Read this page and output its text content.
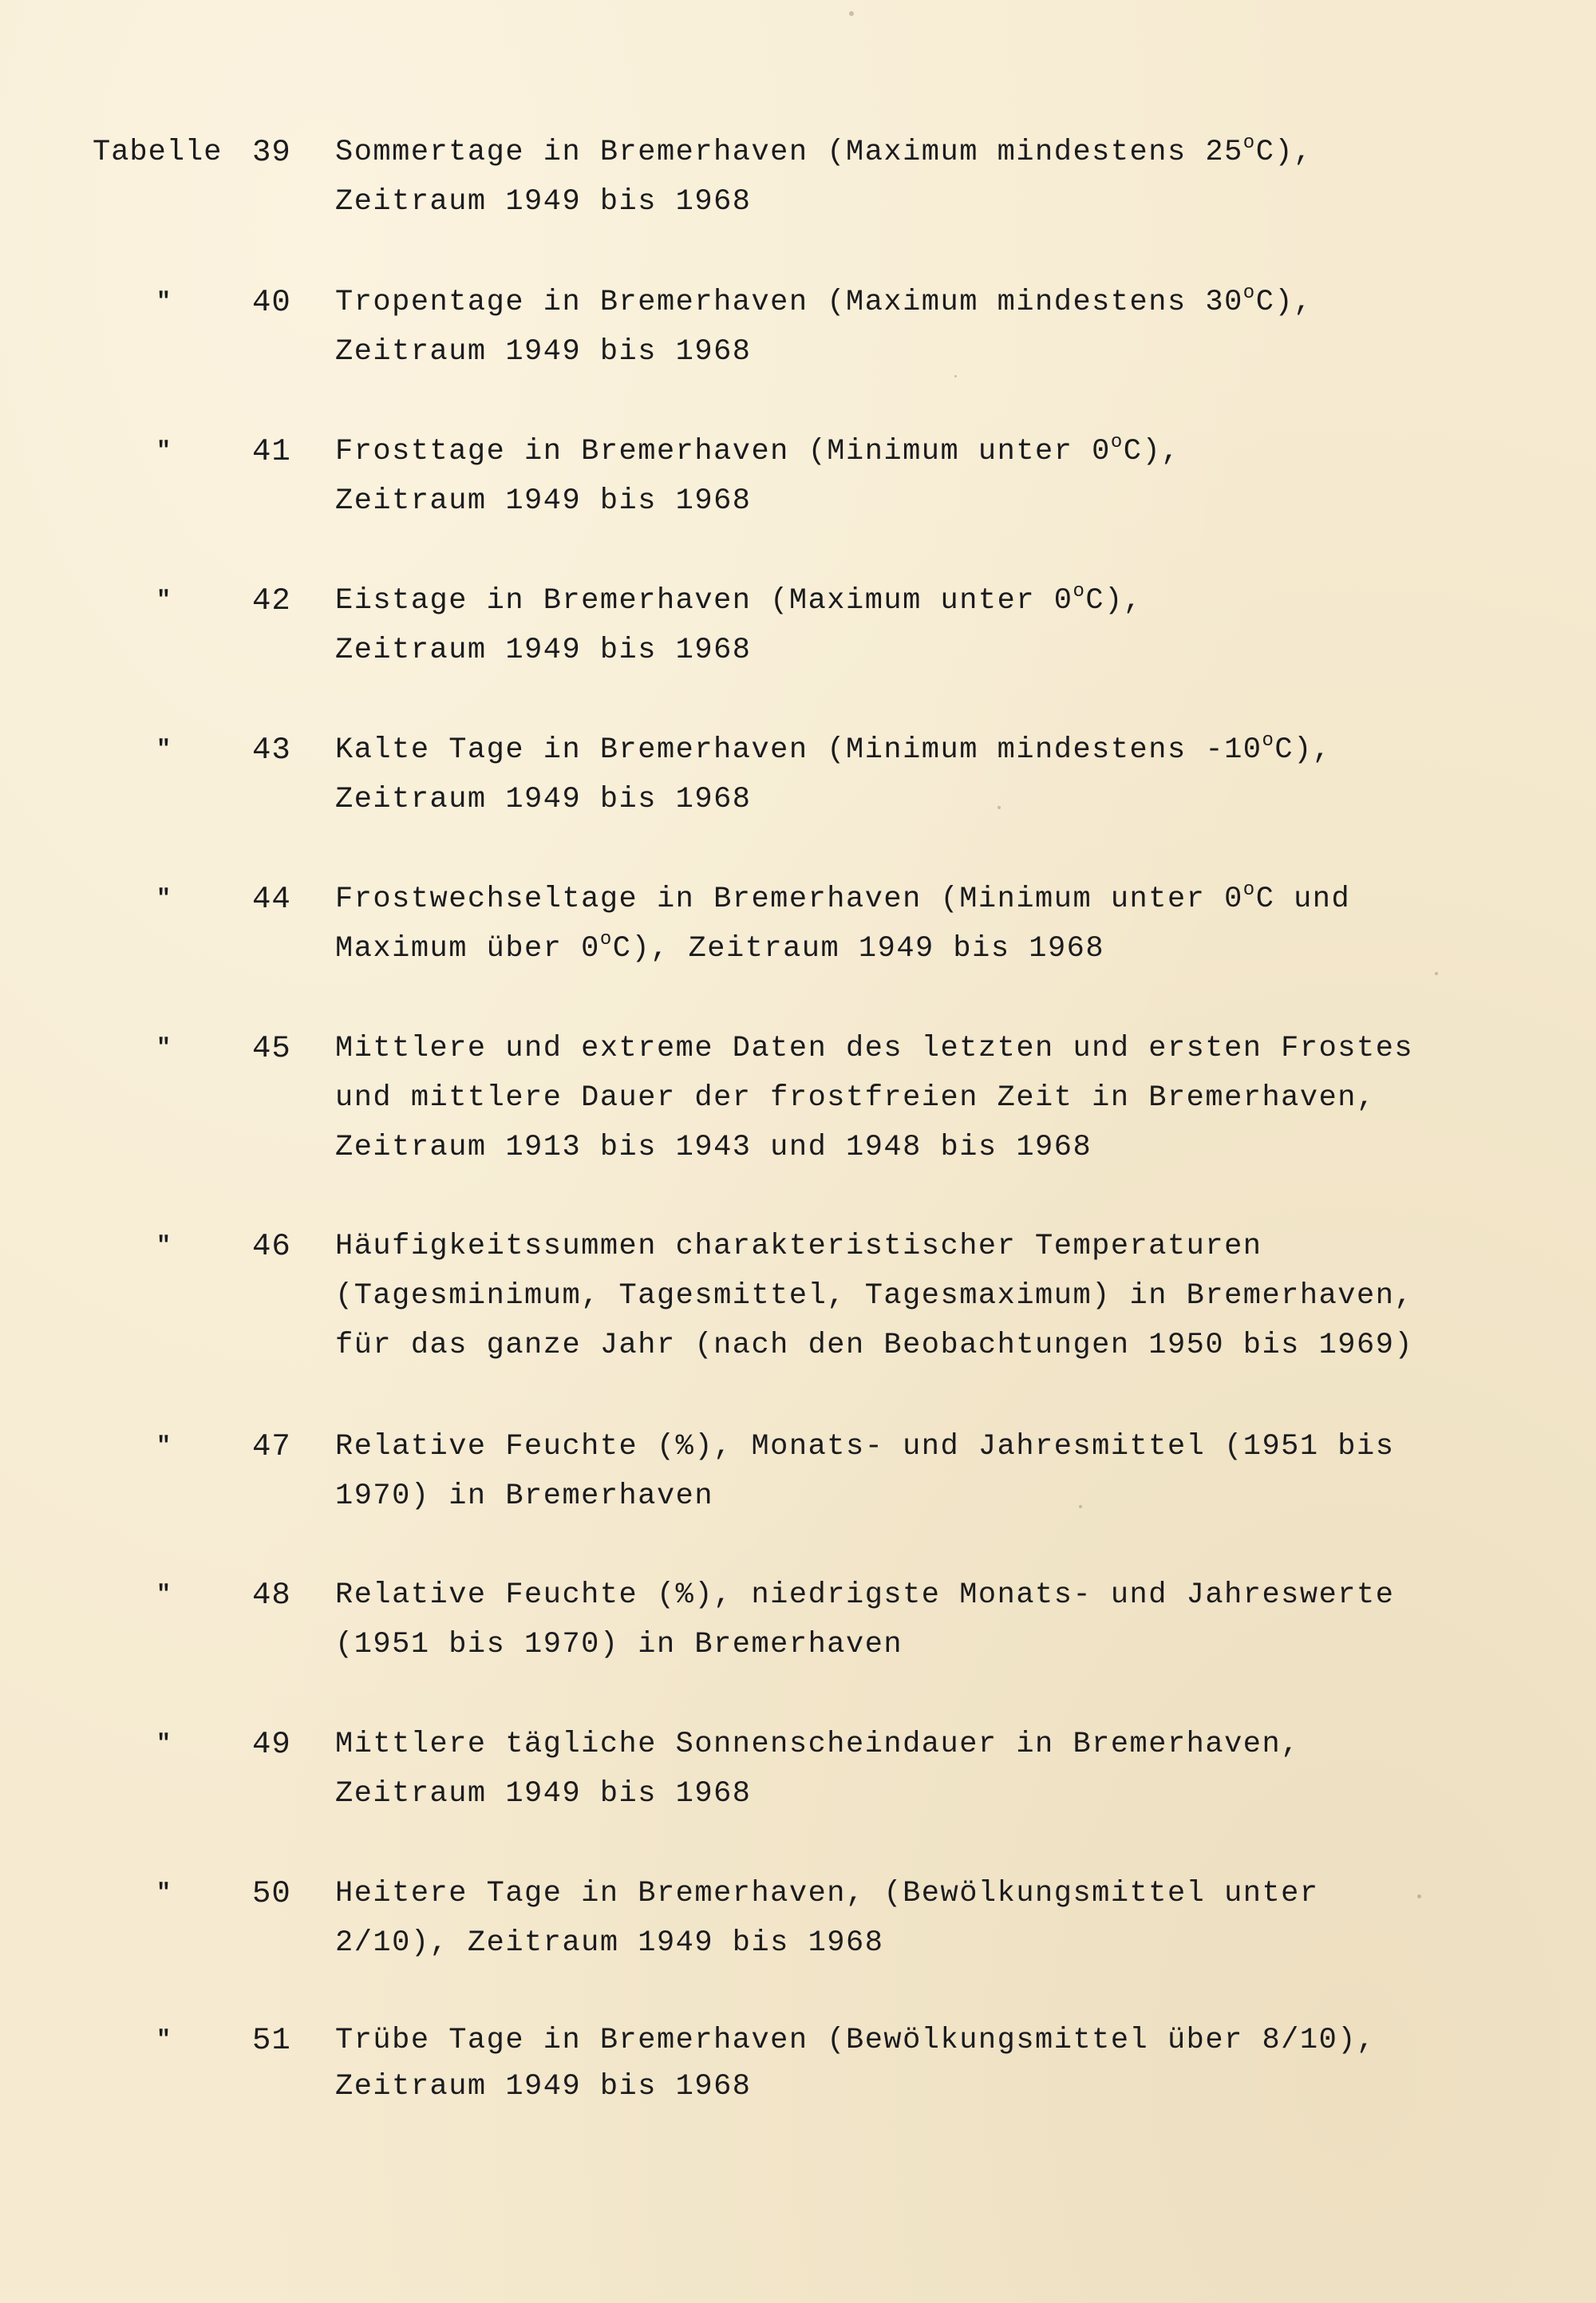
Tabelle 39 Sommertage in Bremerhaven (Maximum mindestens 25$^o$C),
Zeitraum 1949 bis 1968
"	40 Tropentage in Bremerhaven (Maximum mindestens 30$^o$C),
Zeitraum 1949 bis 1968
"	41 Frosttage in Bremerhaven (Minimum unter 0$^o$C),
Zeitraum 1949 bis 1968
"	42 Eistage in Bremerhaven (Maximum unter 0$^o$C),
Zeitraum 1949 bis 1968
"	43 Kalte Tage in Bremerhaven (Minimum mindestens -10$^o$C),
Zeitraum 1949 bis 1968
"	44 Frostwechseltage in Bremerhaven (Minimum unter 0$^o$C und
Maximum über 0$^o$C), Zeitraum 1949 bis 1968
"	45 Mittlere und extreme Daten des letzten und ersten Frostes
und mittlere Dauer der frostfreien Zeit in Bremerhaven,
Zeitraum 1913 bis 1943 und 1948 bis 1968
"	46 Häufigkeitssummen charakteristischer Temperaturen
(Tagesminimum, Tagesmittel, Tagesmaximum) in Bremerhaven,
für das ganze Jahr (nach den Beobachtungen 1950 bis 1969)
"	47 Relative Feuchte (%), Monats- und Jahresmittel (1951 bis
1970) in Bremerhaven
"	48 Relative Feuchte (%), niedrigste Monats- und Jahreswerte
(1951 bis 1970) in Bremerhaven
"	49 Mittlere tägliche Sonnenscheindauer in Bremerhaven,
Zeitraum 1949 bis 1968
"	50 Heitere Tage in Bremerhaven, (Bewölkungsmittel unter
2/10), Zeitraum 1949 bis 1968
"	51 Trübe Tage in Bremerhaven (Bewölkungsmittel über 8/10),
Zeitraum 1949 bis 1968
